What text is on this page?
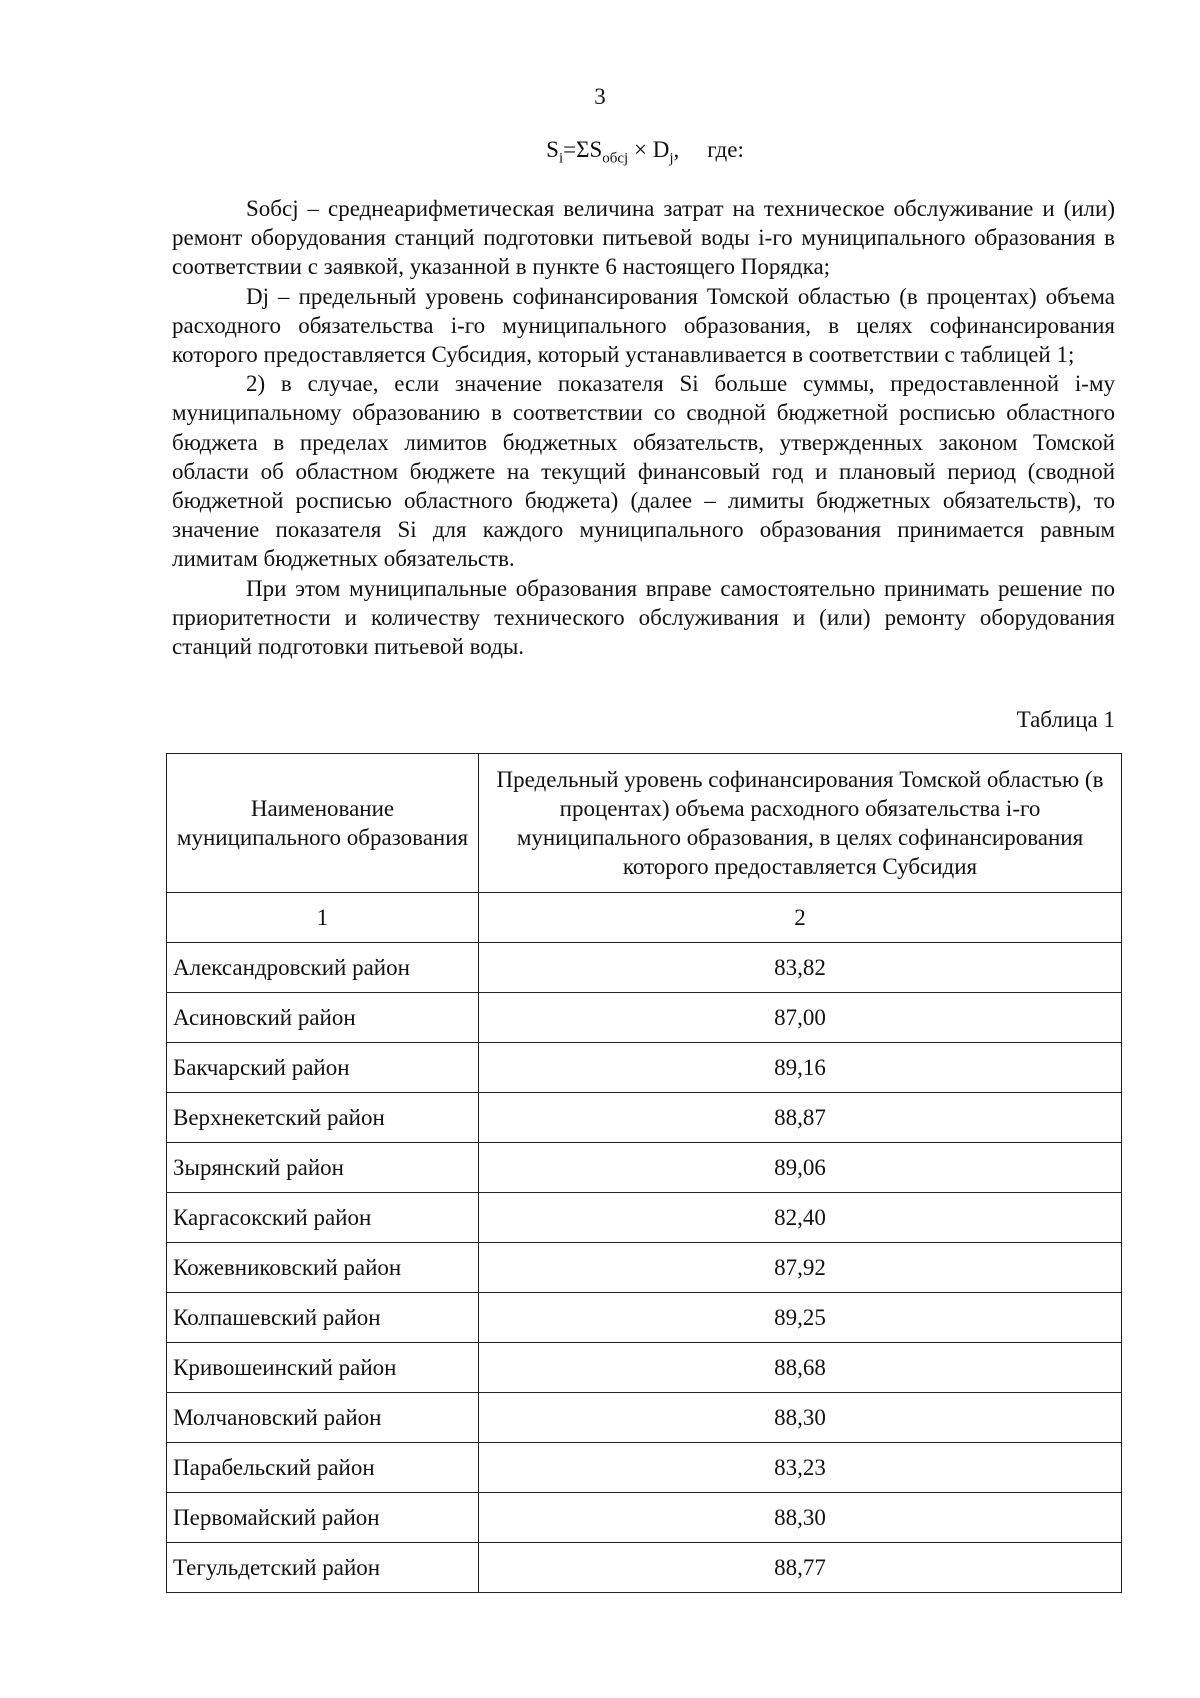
3
$S_i=\Sigma S_{обсj} \times D_j$, где:

Sобсj – среднеарифметическая величина затрат на техническое обслуживание и (или) ремонт оборудования станций подготовки питьевой воды i-го муниципального образования в соответствии с заявкой, указанной в пункте 6 настоящего Порядка;

Dj – предельный уровень софинансирования Томской областью (в процентах) объема расходного обязательства i-го муниципального образования, в целях софинансирования которого предоставляется Субсидия, который устанавливается в соответствии с таблицей 1;

2) в случае, если значение показателя Si больше суммы, предоставленной i-му муниципальному образованию в соответствии со сводной бюджетной росписью областного бюджета в пределах лимитов бюджетных обязательств, утвержденных законом Томской области об областном бюджете на текущий финансовый год и плановый период (сводной бюджетной росписью областного бюджета) (далее – лимиты бюджетных обязательств), то значение показателя Si для каждого муниципального образования принимается равным лимитам бюджетных обязательств.

При этом муниципальные образования вправе самостоятельно принимать решение по приоритетности и количеству технического обслуживания и (или) ремонту оборудования станций подготовки питьевой воды.

Таблица 1
Наименование муниципального образования	Предельный уровень софинансирования Томской областью (в процентах) объема расходного обязательства i-го муниципального образования, в целях софинансирования которого предоставляется Субсидия
1	2
Александровский район	83,82
Асиновский район	87,00
Бакчарский район	89,16
Верхнекетский район	88,87
Зырянский район	89,06
Каргасокский район	82,40
Кожевниковский район	87,92
Колпашевский район	89,25
Кривошеинский район	88,68
Молчановский район	88,30
Парабельский район	83,23
Первомайский район	88,30
Тегульдетский район	88,77
